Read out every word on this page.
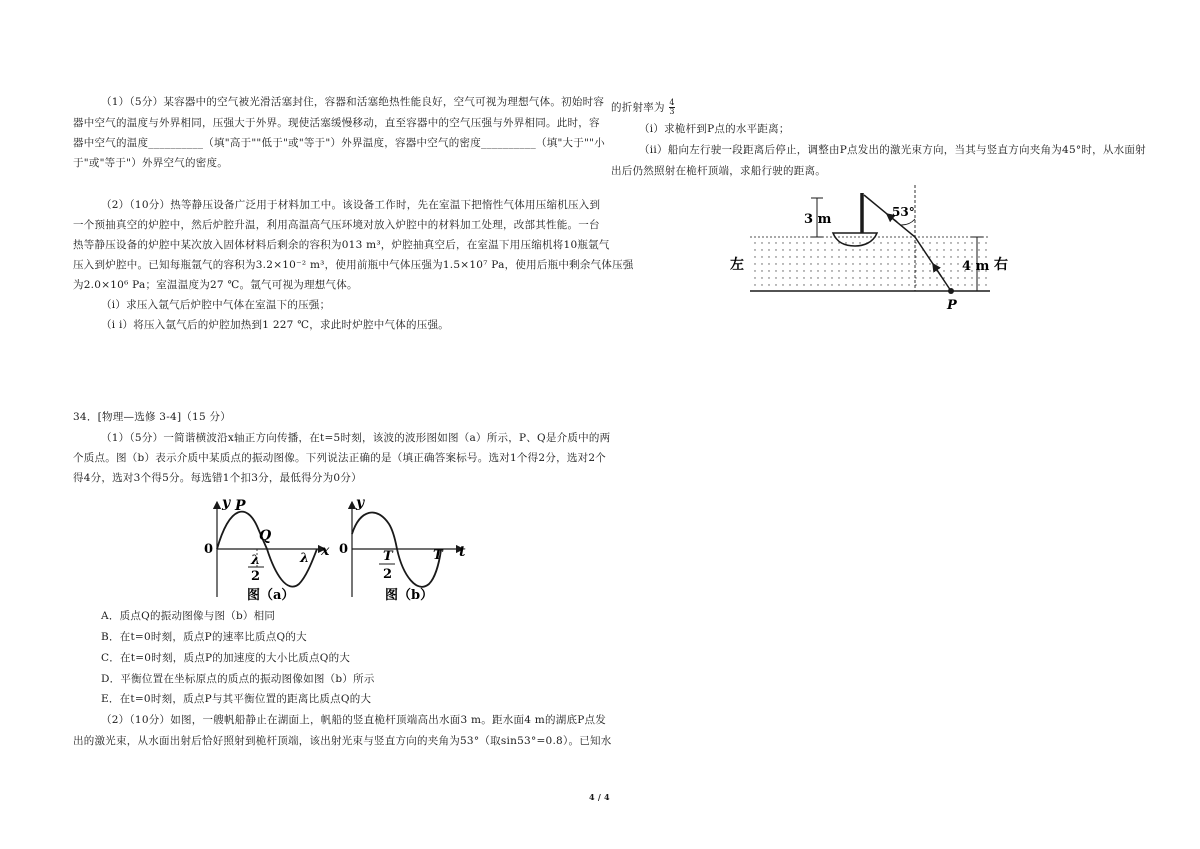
（1）（5分）某容器中的空气被光滑活塞封住，容器和活塞绝热性能良好，空气可视为理想气体。初始时容
器中空气的温度与外界相同，压强大于外界。现使活塞缓慢移动，直至容器中的空气压强与外界相同。此时，容
器中空气的温度__________（填"高于""低于"或"等于"）外界温度，容器中空气的密度__________（填"大于""小
于"或"等于"）外界空气的密度。
（2）（10分）热等静压设备广泛用于材料加工中。该设备工作时，先在室温下把惰性气体用压缩机压入到
一个预抽真空的炉腔中，然后炉腔升温，利用高温高气压环境对放入炉腔中的材料加工处理，改部其性能。一台
热等静压设备的炉腔中某次放入固体材料后剩余的容积为013 m³，炉腔抽真空后，在室温下用压缩机将10瓶氩气
压入到炉腔中。已知每瓶氩气的容积为3.2×10⁻² m³，使用前瓶中气体压强为1.5×10⁷ Pa，使用后瓶中剩余气体压强
为2.0×10⁶ Pa；室温温度为27 ℃。氩气可视为理想气体。
（i）求压入氩气后炉腔中气体在室温下的压强；
（i i）将压入氩气后的炉腔加热到1 227 ℃，求此时炉腔中气体的压强。
34．[物理—选修 3-4]（15 分）
（1）（5分）一简谐横波沿x轴正方向传播，在t=5时刻，该波的波形图如图（a）所示，P、Q是介质中的两
个质点。图（b）表示介质中某质点的振动图像。下列说法正确的是（填正确答案标号。选对1个得2分，选对2个
得4分，选对3个得5分。每选错1个扣3分，最低得分为0分）
y P
Q
0	x
λ
λ
2
图（a）
y
0	t
T
T
2
图（b）
A．质点Q的振动图像与图（b）相同
B．在t=0时刻，质点P的速率比质点Q的大
C．在t=0时刻，质点P的加速度的大小比质点Q的大
D．平衡位置在坐标原点的质点的振动图像如图（b）所示
E．在t=0时刻，质点P与其平衡位置的距离比质点Q的大
（2）（10分）如图，一艘帆船静止在湖面上，帆船的竖直桅杆顶端高出水面3 m。距水面4 m的湖底P点发
出的激光束，从水面出射后恰好照射到桅杆顶端，该出射光束与竖直方向的夹角为53°（取sin53°=0.8）。已知水
的折射率为 $\frac{4}{3}$
（i）求桅杆到P点的水平距离；
（ii）船向左行驶一段距离后停止，调整由P点发出的激光束方向，当其与竖直方向夹角为45°时，从水面射
出后仍然照射在桅杆顶端，求船行驶的距离。
3 m	53°
4 m 右
左
P
4 / 4
